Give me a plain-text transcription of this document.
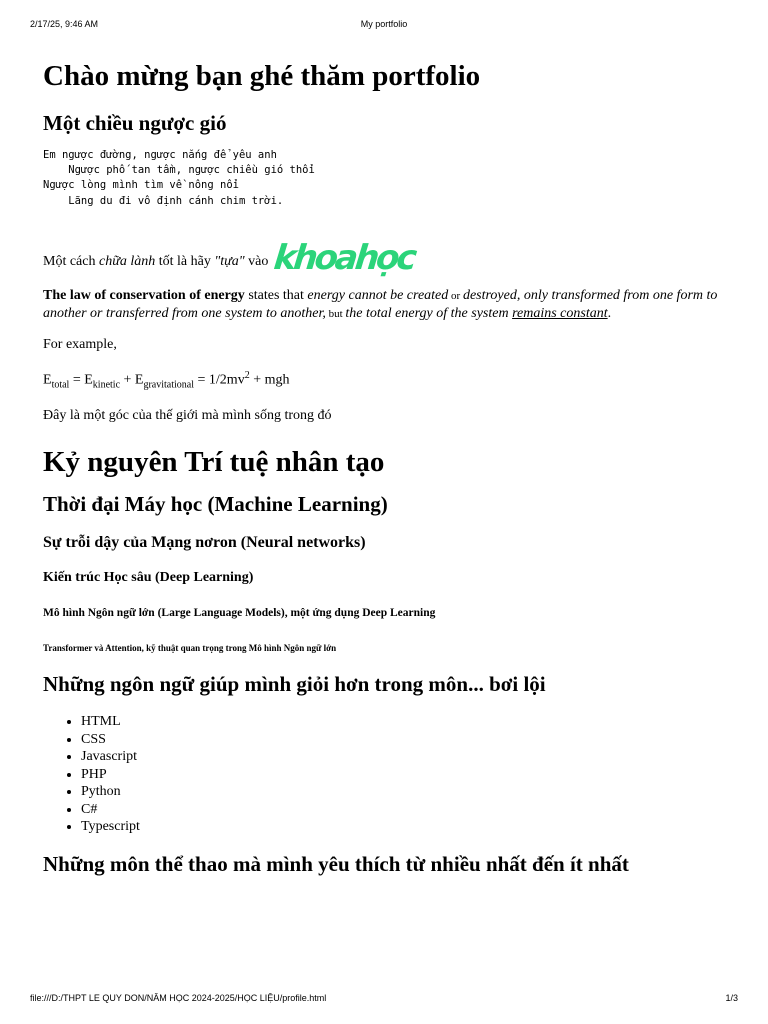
2/17/25, 9:46 AM	My portfolio
Chào mừng bạn ghé thăm portfolio
Một chiều ngược gió
Em ngược đường, ngược nắng để yêu anh
Ngược phố tan tầm, ngược chiều gió thổi
Ngược lòng mình tìm về nông nổi
Lãng du đi vô định cánh chim trời.

Một cách chữa lành tốt là hãy "tựa" vào khoahọc

The law of conservation of energy states that energy cannot be created or destroyed, only transformed from one form to another or transferred from one system to another, but the total energy of the system remains constant.

For example,

$E_{total} = E_{kinetic} + E_{gravitational} = 1/2mv^2$ + mgh

Đây là một góc của thế giới mà mình sống trong đó

Kỷ nguyên Trí tuệ nhân tạo
Thời đại Máy học (Machine Learning)
Sự trỗi dậy của Mạng nơron (Neural networks)
Kiến trúc Học sâu (Deep Learning)
Mô hình Ngôn ngữ lớn (Large Language Models), một ứng dụng Deep Learning
Transformer và Attention, kỹ thuật quan trọng trong Mô hình Ngôn ngữ lớn
Những ngôn ngữ giúp mình giỏi hơn trong môn... bơi lội
• HTML
• CSS
• Javascript
• PHP
• Python
• C#
• Typescript
Những môn thể thao mà mình yêu thích từ nhiều nhất đến ít nhất
file:///D:/THPT LE QUY DON/NĂM HỌC 2024-2025/HỌC LIỆU/profile.html	1/3
